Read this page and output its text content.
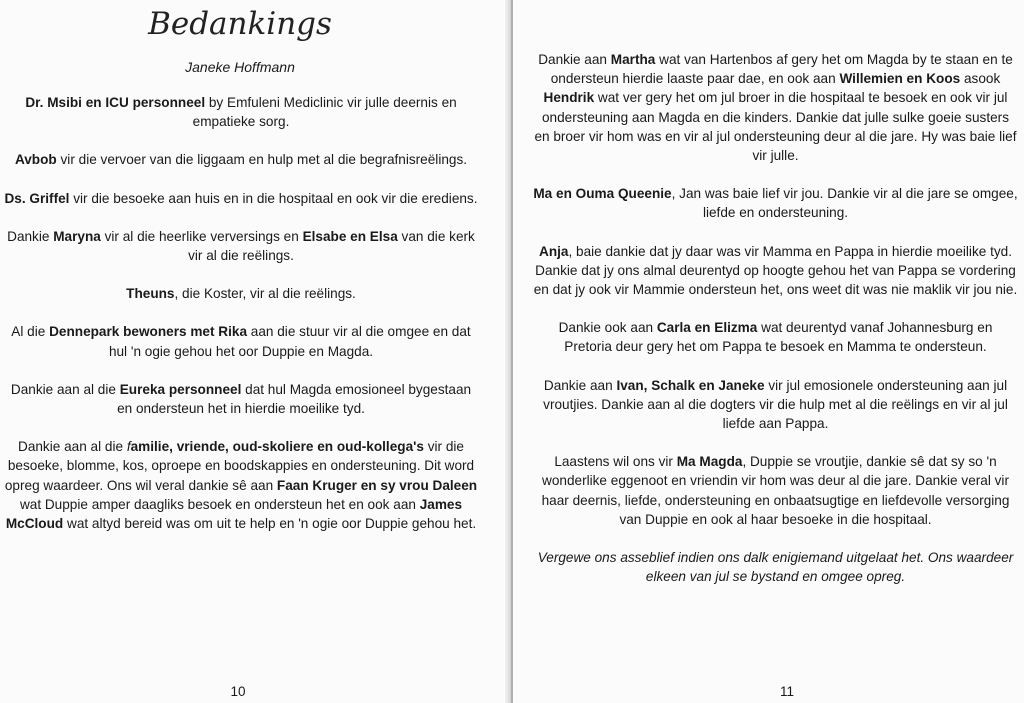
Bedankings
Janeke Hoffmann

Dr. Msibi en ICU personneel by Emfuleni Mediclinic vir julle deernis en empatieke sorg.

Avbob vir die vervoer van die liggaam en hulp met al die begrafnisreëlings.

Ds. Griffel vir die besoeke aan huis en in die hospitaal en ook vir die erediens.

Dankie Maryna vir al die heerlike verversings en Elsabe en Elsa van die kerk vir al die reëlings.

Theuns, die Koster, vir al die reëlings.

Al die Dennepark bewoners met Rika aan die stuur vir al die omgee en dat hul 'n ogie gehou het oor Duppie en Magda.

Dankie aan al die Eureka personneel dat hul Magda emosioneel bygestaan en ondersteun het in hierdie moeilike tyd.

Dankie aan al die familie, vriende, oud-skoliere en oud-kollega's vir die besoeke, blomme, kos, oproepe en boodskappies en ondersteuning. Dit word opreg waardeer. Ons wil veral dankie sê aan Faan Kruger en sy vrou Daleen wat Duppie amper daagliks besoek en ondersteun het en ook aan James McCloud wat altyd bereid was om uit te help en 'n ogie oor Duppie gehou het.

10

Dankie aan Martha wat van Hartenbos af gery het om Magda by te staan en te ondersteun hierdie laaste paar dae, en ook aan Willemien en Koos asook Hendrik wat ver gery het om jul broer in die hospitaal te besoek en ook vir jul ondersteuning aan Magda en die kinders. Dankie dat julle sulke goeie susters en broer vir hom was en vir al jul ondersteuning deur al die jare. Hy was baie lief vir julle.

Ma en Ouma Queenie, Jan was baie lief vir jou. Dankie vir al die jare se omgee, liefde en ondersteuning.

Anja, baie dankie dat jy daar was vir Mamma en Pappa in hierdie moeilike tyd. Dankie dat jy ons almal deurentyd op hoogte gehou het van Pappa se vordering en dat jy ook vir Mammie ondersteun het, ons weet dit was nie maklik vir jou nie.

Dankie ook aan Carla en Elizma wat deurentyd vanaf Johannesburg en Pretoria deur gery het om Pappa te besoek en Mamma te ondersteun.

Dankie aan Ivan, Schalk en Janeke vir jul emosionele ondersteuning aan jul vroutjies. Dankie aan al die dogters vir die hulp met al die reëlings en vir al jul liefde aan Pappa.

Laastens wil ons vir Ma Magda, Duppie se vroutjie, dankie sê dat sy so 'n wonderlike eggenoot en vriendin vir hom was deur al die jare. Dankie veral vir haar deernis, liefde, ondersteuning en onbaatsugtige en liefdevolle versorging van Duppie en ook al haar besoeke in die hospitaal.

Vergewe ons asseblief indien ons dalk enigiemand uitgelaat het. Ons waardeer elkeen van jul se bystand en omgee opreg.

11
